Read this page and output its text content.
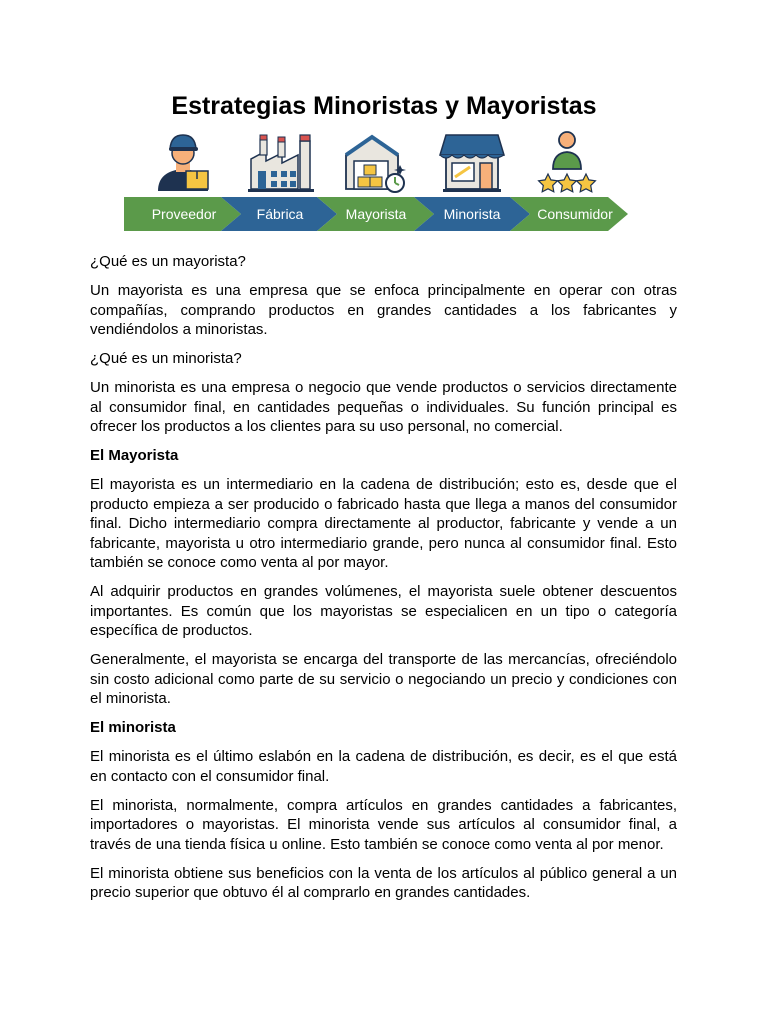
Estrategias Minoristas y Mayoristas
Proveedor	Fábrica	Mayorista	Minorista	Consumidor

¿Qué es un mayorista?

Un mayorista es una empresa que se enfoca principalmente en operar con otras compañías, comprando productos en grandes cantidades a los fabricantes y vendiéndolos a minoristas.

¿Qué es un minorista?

Un minorista es una empresa o negocio que vende productos o servicios directamente al consumidor final, en cantidades pequeñas o individuales. Su función principal es ofrecer los productos a los clientes para su uso personal, no comercial.

El Mayorista

El mayorista es un intermediario en la cadena de distribución; esto es, desde que el producto empieza a ser producido o fabricado hasta que llega a manos del consumidor final. Dicho intermediario compra directamente al productor, fabricante y vende a un fabricante, mayorista u otro intermediario grande, pero nunca al consumidor final. Esto también se conoce como venta al por mayor.

Al adquirir productos en grandes volúmenes, el mayorista suele obtener descuentos importantes. Es común que los mayoristas se especialicen en un tipo o categoría específica de productos.

Generalmente, el mayorista se encarga del transporte de las mercancías, ofreciéndolo sin costo adicional como parte de su servicio o negociando un precio y condiciones con el minorista.

El minorista

El minorista es el último eslabón en la cadena de distribución, es decir, es el que está en contacto con el consumidor final.

El minorista, normalmente, compra artículos en grandes cantidades a fabricantes, importadores o mayoristas. El minorista vende sus artículos al consumidor final, a través de una tienda física u online. Esto también se conoce como venta al por menor.

El minorista obtiene sus beneficios con la venta de los artículos al público general a un precio superior que obtuvo él al comprarlo en grandes cantidades.
